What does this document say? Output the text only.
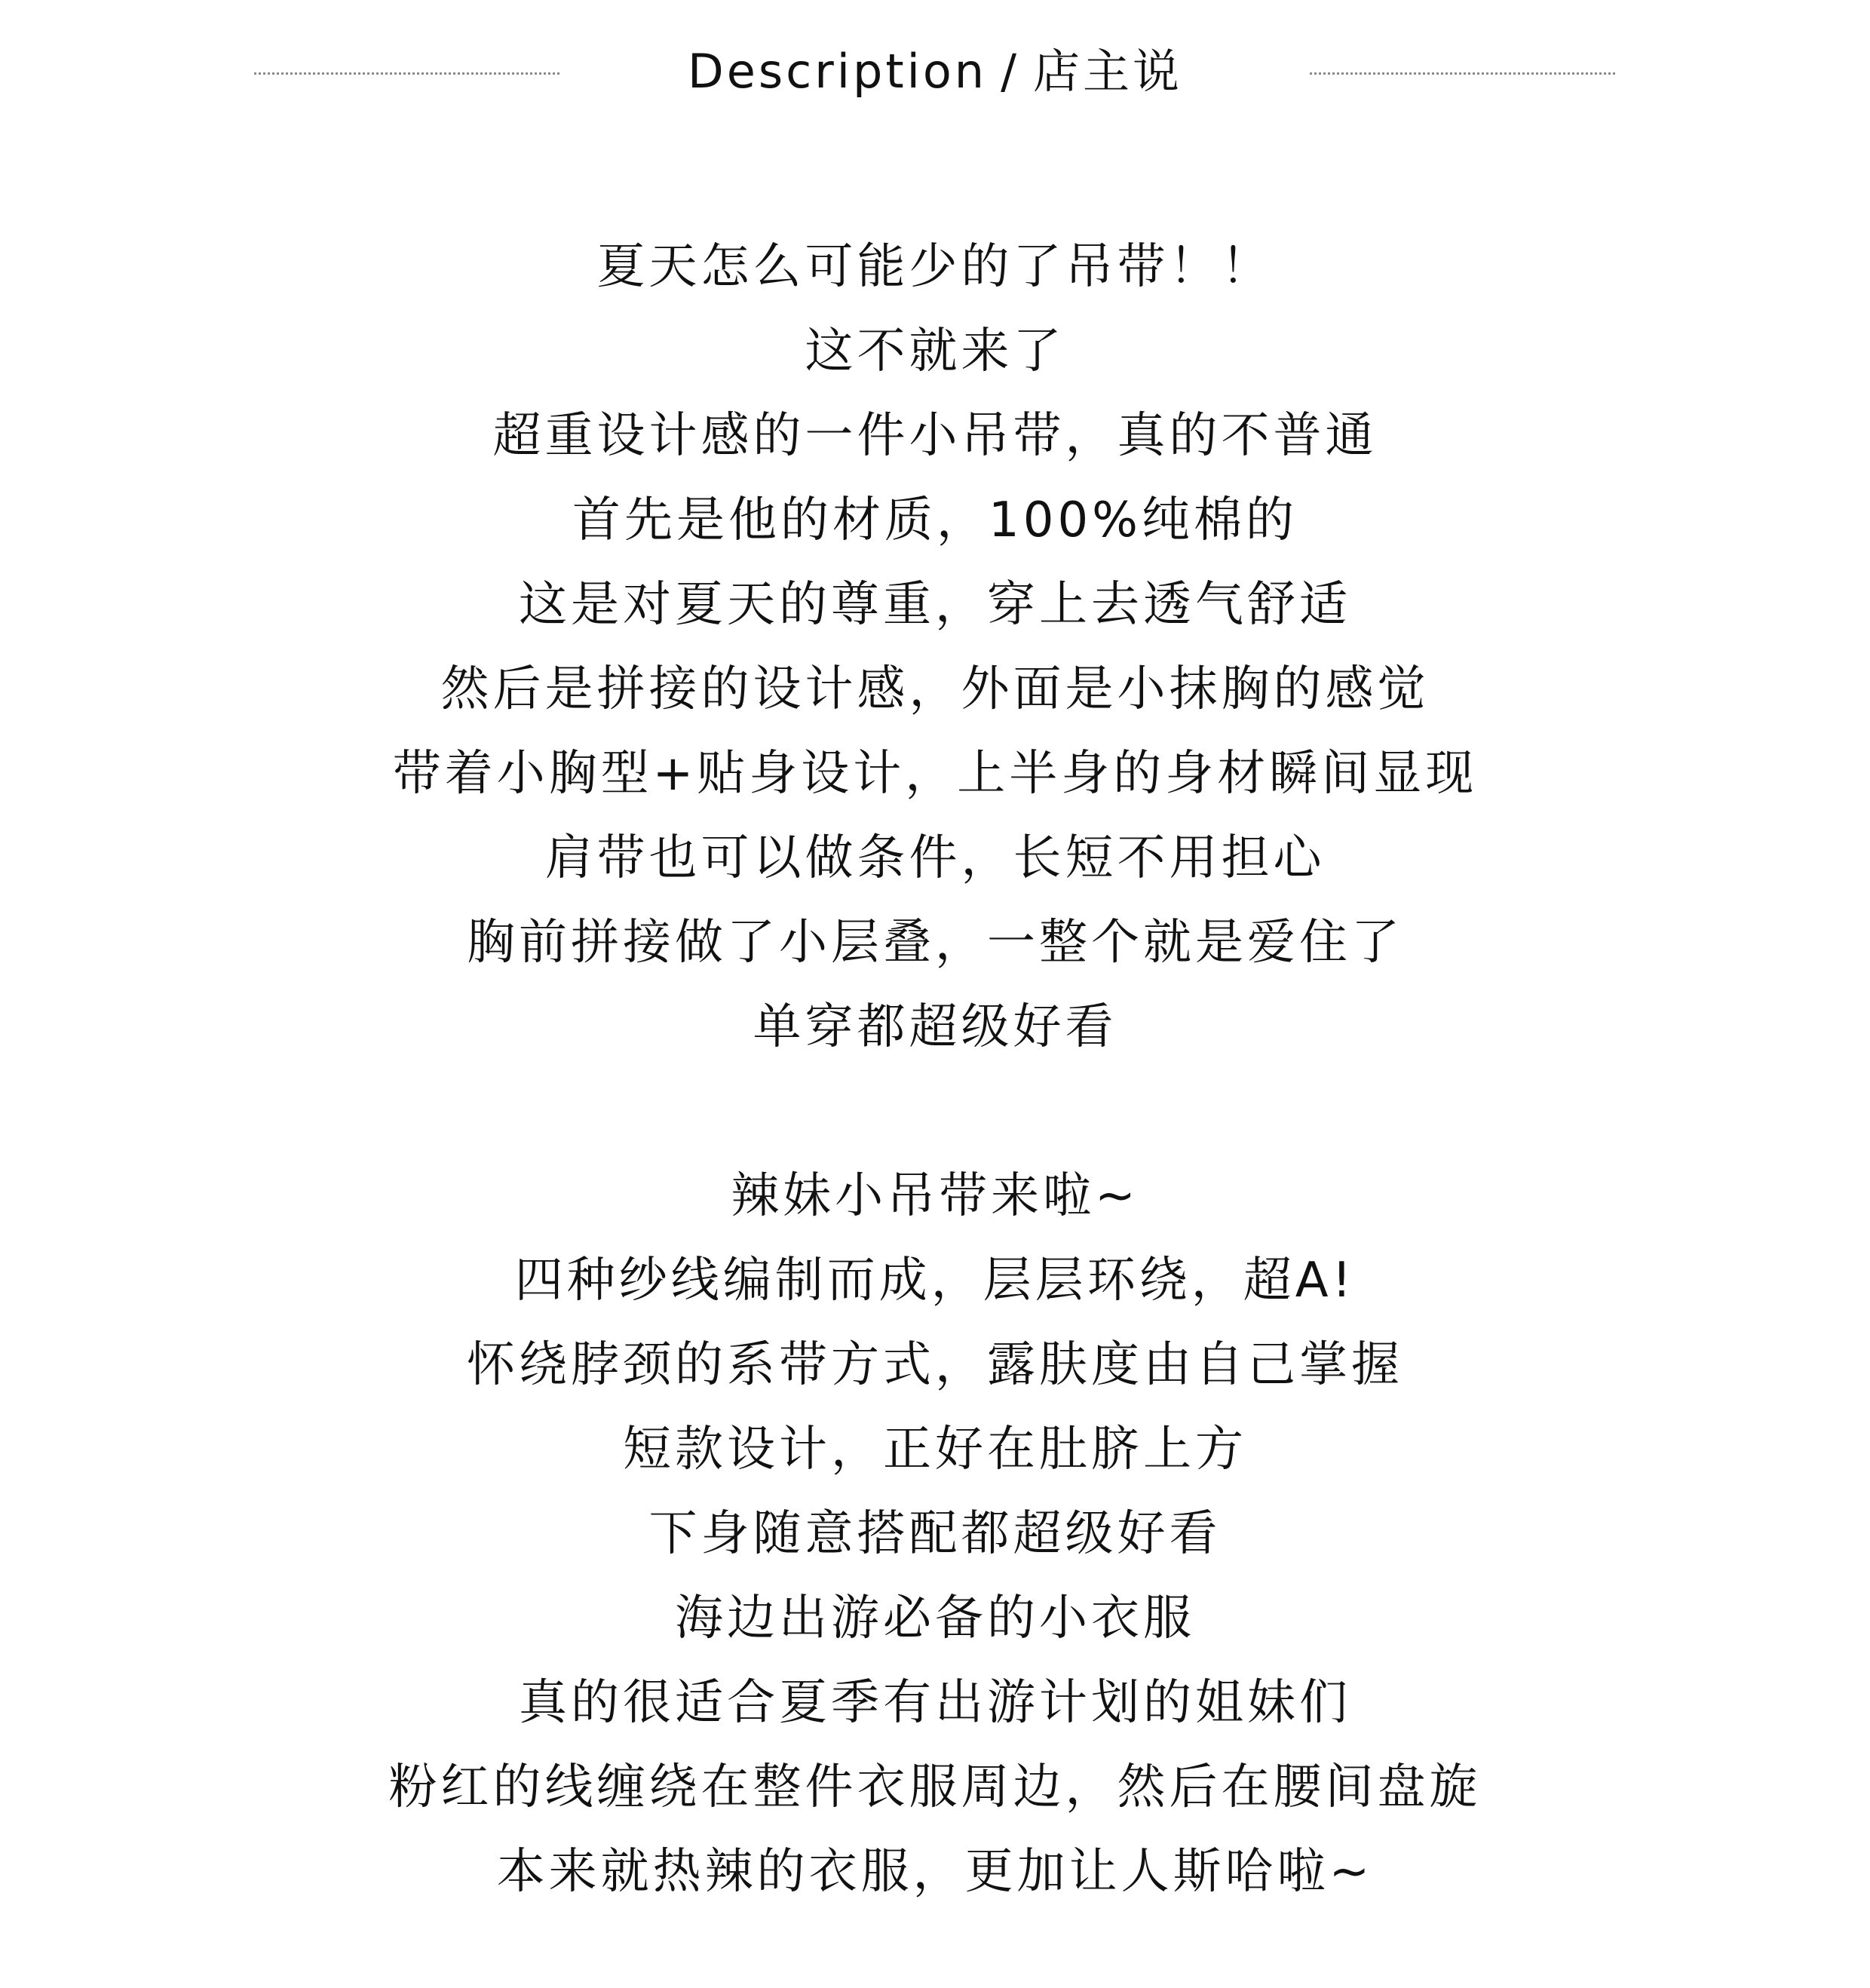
Description / 店主说
夏天怎么可能少的了吊带！！
这不就来了
超重设计感的一件小吊带，真的不普通
首先是他的材质，100%纯棉的
这是对夏天的尊重，穿上去透气舒适
然后是拼接的设计感，外面是小抹胸的感觉
带着小胸型+贴身设计，上半身的身材瞬间显现
肩带也可以做条件，长短不用担心
胸前拼接做了小层叠，一整个就是爱住了
单穿都超级好看
辣妹小吊带来啦~
四种纱线编制而成，层层环绕，超A!
怀绕脖颈的系带方式，露肤度由自己掌握
短款设计，正好在肚脐上方
下身随意搭配都超级好看
海边出游必备的小衣服
真的很适合夏季有出游计划的姐妹们
粉红的线缠绕在整件衣服周边，然后在腰间盘旋
本来就热辣的衣服，更加让人斯哈啦~
